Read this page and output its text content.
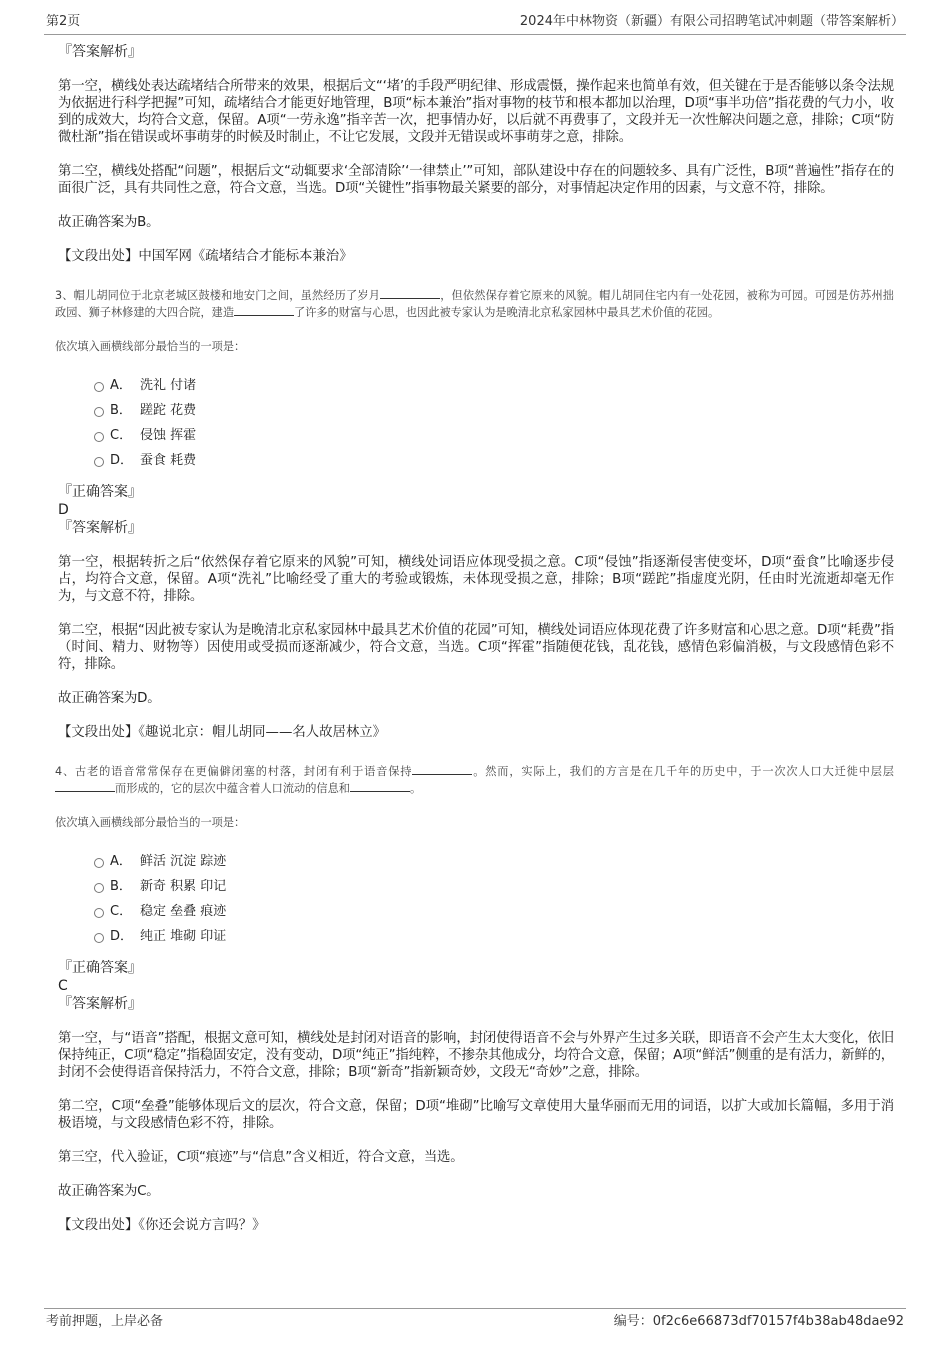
第2页	2024年中林物资（新疆）有限公司招聘笔试冲刺题（带答案解析）
『答案解析』
第一空，横线处表达疏堵结合所带来的效果，根据后文“‘堵’的手段严明纪律、形成震慑，操作起来也简单有效，但关键在于是否能够以条令法规为依据进行科学把握”可知，疏堵结合才能更好地管理，B项“标本兼治”指对事物的枝节和根本都加以治理，D项“事半功倍”指花费的气力小，收到的成效大，均符合文意，保留。A项“一劳永逸”指辛苦一次，把事情办好，以后就不再费事了，文段并无一次性解决问题之意，排除；C项“防微杜渐”指在错误或坏事萌芽的时候及时制止，不让它发展，文段并无错误或坏事萌芽之意，排除。
第二空，横线处搭配“问题”，根据后文“动辄要求‘全部清除’‘一律禁止’”可知，部队建设中存在的问题较多、具有广泛性，B项“普遍性”指存在的面很广泛，具有共同性之意，符合文意，当选。D项“关键性”指事物最关紧要的部分，对事情起决定作用的因素，与文意不符，排除。
故正确答案为B。
【文段出处】中国军网《疏堵结合才能标本兼治》
3、帽儿胡同位于北京老城区鼓楼和地安门之间，虽然经历了岁月	，但依然保存着它原来的风貌。帽儿胡同住宅内有一处花园，被称为可园。可园是仿苏州拙政园、狮子林修建的大四合院，建造	了许多的财富与心思，也因此被专家认为是晚清北京私家园林中最具艺术价值的花园。
依次填入画横线部分最恰当的一项是：
A． 洗礼 付诸
B． 蹉跎 花费
C． 侵蚀 挥霍
D． 蚕食 耗费
『正确答案』
D
『答案解析』
第一空，根据转折之后“依然保存着它原来的风貌”可知，横线处词语应体现受损之意。C项“侵蚀”指逐渐侵害使变坏，D项“蚕食”比喻逐步侵占，均符合文意，保留。A项“洗礼”比喻经受了重大的考验或锻炼，未体现受损之意，排除；B项“蹉跎”指虚度光阴，任由时光流逝却毫无作为，与文意不符，排除。
第二空，根据“因此被专家认为是晚清北京私家园林中最具艺术价值的花园”可知，横线处词语应体现花费了许多财富和心思之意。D项“耗费”指（时间、精力、财物等）因使用或受损而逐渐减少，符合文意，当选。C项“挥霍”指随便花钱，乱花钱，感情色彩偏消极，与文段感情色彩不符，排除。
故正确答案为D。
【文段出处】《趣说北京：帽儿胡同——名人故居林立》
4、古老的语音常常保存在更偏僻闭塞的村落，封闭有利于语音保持	。然而，实际上，我们的方言是在几千年的历史中，于一次次人口大迁徙中层层而形成的，它的层次中蕴含着人口流动的信息和	。
依次填入画横线部分最恰当的一项是：
A． 鲜活 沉淀 踪迹
B． 新奇 积累 印记
C． 稳定 垒叠 痕迹
D． 纯正 堆砌 印证
『正确答案』
C
『答案解析』
第一空，与“语音”搭配，根据文意可知，横线处是封闭对语音的影响，封闭使得语音不会与外界产生过多关联，即语音不会产生太大变化，依旧保持纯正，C项“稳定”指稳固安定，没有变动，D项“纯正”指纯粹，不掺杂其他成分，均符合文意，保留；A项“鲜活”侧重的是有活力，新鲜的，封闭不会使得语音保持活力，不符合文意，排除；B项“新奇”指新颖奇妙，文段无“奇妙”之意，排除。
第二空，C项“垒叠”能够体现后文的层次，符合文意，保留；D项“堆砌”比喻写文章使用大量华丽而无用的词语，以扩大或加长篇幅，多用于消极语境，与文段感情色彩不符，排除。
第三空，代入验证，C项“痕迹”与“信息”含义相近，符合文意，当选。
故正确答案为C。
【文段出处】《你还会说方言吗？》
考前押题，上岸必备	编号：0f2c6e66873df70157f4b38ab48dae92
